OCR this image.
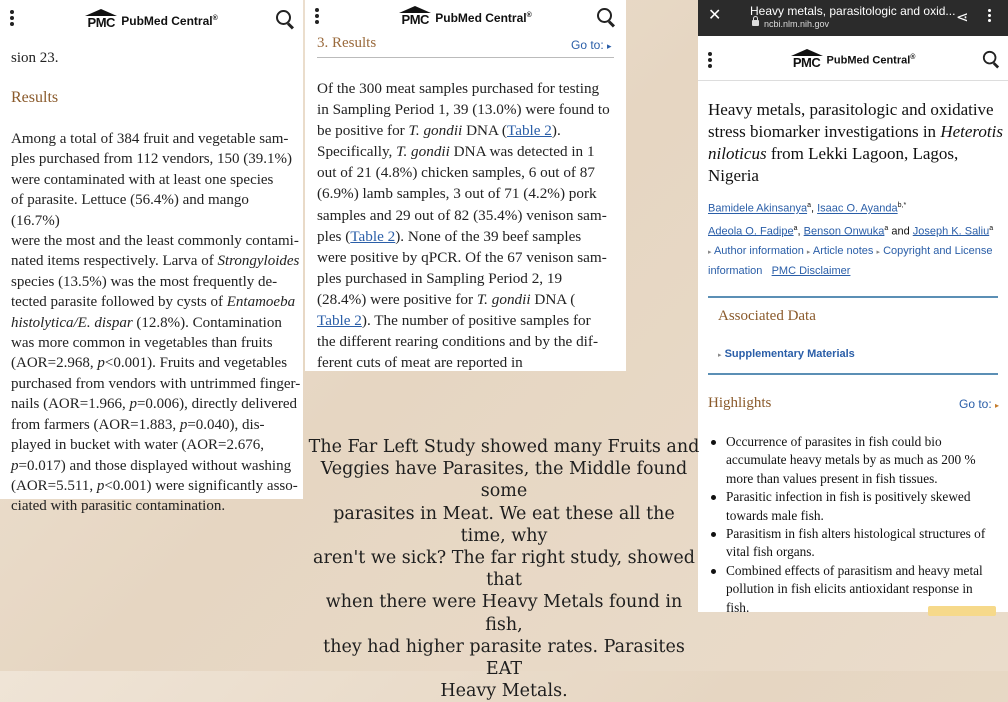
PMC PubMed Central®
sion 23.
Results
Among a total of 384 fruit and vegetable sam-
ples purchased from 112 vendors, 150 (39.1%)
were contaminated with at least one species
of parasite. Lettuce (56.4%) and mango (16.7%)
were the most and the least commonly contami-
nated items respectively. Larva of Strongyloides
species (13.5%) was the most frequently de-
tected parasite followed by cysts of Entamoeba
histolytica/E. dispar (12.8%). Contamination
was more common in vegetables than fruits
(AOR=2.968, p<0.001). Fruits and vegetables
purchased from vendors with untrimmed finger-
nails (AOR=1.966, p=0.006), directly delivered
from farmers (AOR=1.883, p=0.040), dis-
played in bucket with water (AOR=2.676,
p=0.017) and those displayed without washing
(AOR=5.511, p<0.001) were significantly asso-
ciated with parasitic contamination.
PMC PubMed Central®
3. Results	Go to: ▸
Of the 300 meat samples purchased for testing
in Sampling Period 1, 39 (13.0%) were found to
be positive for T. gondii DNA (Table 2).
Specifically, T. gondii DNA was detected in 1
out of 21 (4.8%) chicken samples, 6 out of 87
(6.9%) lamb samples, 3 out of 71 (4.2%) pork
samples and 29 out of 82 (35.4%) venison sam-
ples (Table 2). None of the 39 beef samples
were positive by qPCR. Of the 67 venison sam-
ples purchased in Sampling Period 2, 19
(28.4%) were positive for T. gondii DNA (
Table 2). The number of positive samples for
the different rearing conditions and by the dif-
ferent cuts of meat are reported in
✕ Heavy metals, parasitologic and oxid...
ncbi.nlm.nih.gov	⋖
PMC PubMed Central®
Heavy metals, parasitologic and oxidative
stress biomarker investigations in Heterotis
niloticus from Lekki Lagoon, Lagos,
Nigeria
Bamidele Akinsanya$^a$, Isaac O. Ayanda$^{b,*}$
Adeola O. Fadipe$^a$, Benson Onwuka$^a$ and Joseph K. Saliu$^a$
▸ Author information ▸ Article notes ▸ Copyright and License
information PMC Disclaimer
Associated Data
▸ Supplementary Materials
Highlights	Go to: ▸
Occurrence of parasites in fish could bio
accumulate heavy metals by as much as 200 %
more than values present in fish tissues.
Parasitic infection in fish is positively skewed
towards male fish.
Parasitism in fish alters histological structures of
vital fish organs.
Combined effects of parasitism and heavy metal
pollution in fish elicits antioxidant response in
fish.
The Far Left Study showed many Fruits and
Veggies have Parasites, the Middle found some
parasites in Meat. We eat these all the time, why
aren't we sick? The far right study, showed that
when there were Heavy Metals found in fish,
they had higher parasite rates. Parasites EAT
Heavy Metals.
